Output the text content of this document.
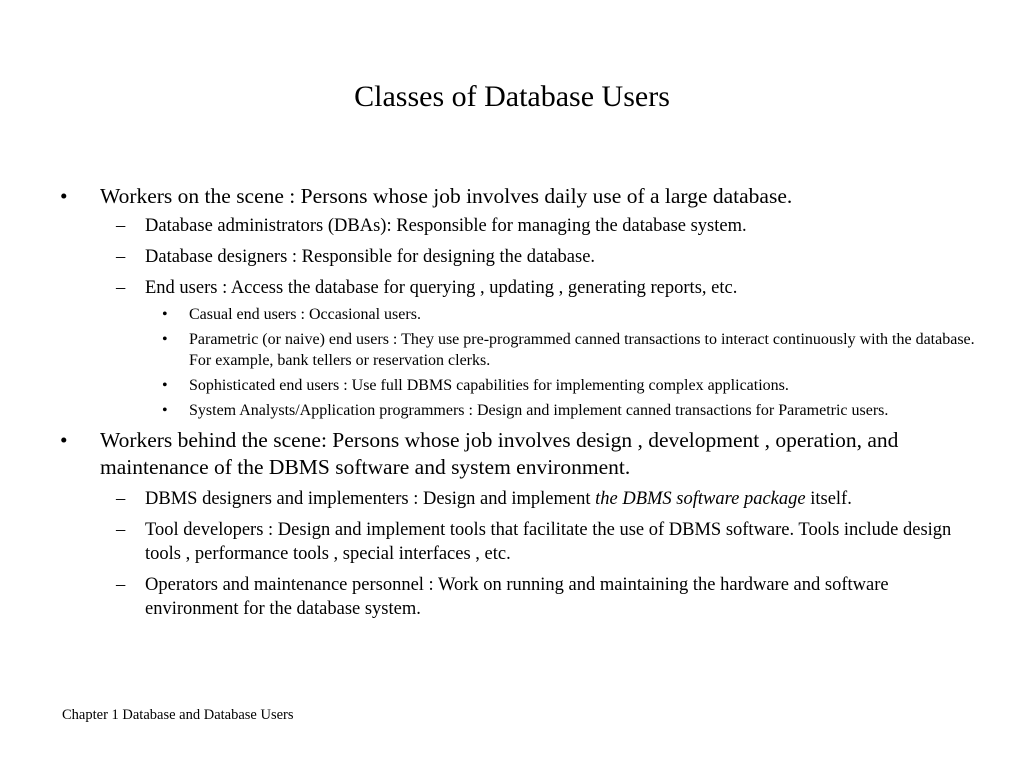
Classes of Database Users
• Workers on the scene : Persons whose job involves daily use of a large database.
– Database administrators (DBAs): Responsible for managing the database system.
– Database designers : Responsible for designing the database.
– End users : Access the database for querying , updating , generating reports, etc.
• Casual end users : Occasional users.
• Parametric (or naive) end users : They use pre-programmed canned transactions to interact continuously with the database. For example, bank tellers or reservation clerks.
• Sophisticated end users : Use full DBMS capabilities for implementing complex applications.
• System Analysts/Application programmers : Design and implement canned transactions for Parametric users.
• Workers behind the scene: Persons whose job involves design , development , operation, and maintenance of the DBMS software and system environment.
– DBMS designers and implementers : Design and implement the DBMS software package itself.
– Tool developers : Design and implement tools that facilitate the use of DBMS software. Tools include design tools , performance tools , special interfaces , etc.
– Operators and maintenance personnel : Work on running and maintaining the hardware and software environment for the database system.
Chapter 1 Database and Database Users
